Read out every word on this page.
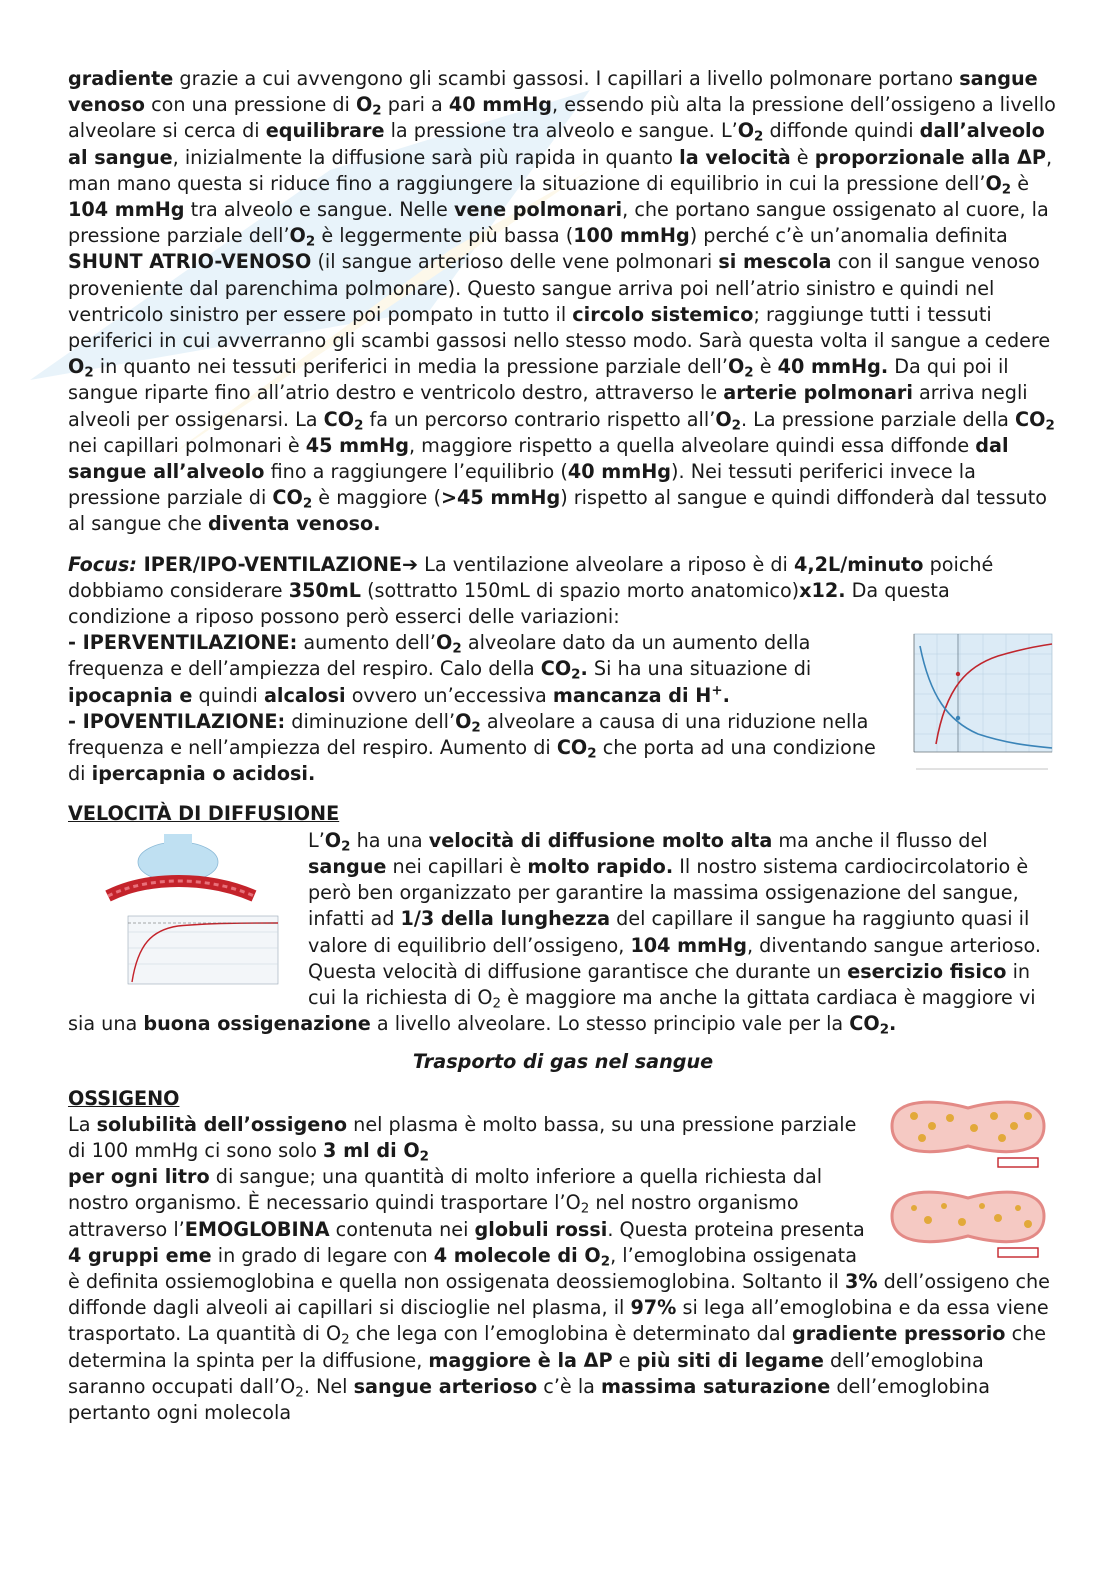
gradiente grazie a cui avvengono gli scambi gassosi. I capillari a livello polmonare portano sangue venoso con una pressione di $O_2$ pari a 40 mmHg, essendo più alta la pressione dell’ossigeno a livello alveolare si cerca di equilibrare la pressione tra alveolo e sangue. $L’O_2$ diffonde quindi dall’alveolo al sangue, inizialmente la diffusione sarà più rapida in quanto la velocità è proporzionale alla ΔP, man mano questa si riduce fino a raggiungere la situazione di equilibrio in cui la pressione $dell’O_2$ è 104 mmHg tra alveolo e sangue. Nelle vene polmonari, che portano sangue ossigenato al cuore, la pressione parziale $dell’O_2$ è leggermente più bassa (100 mmHg) perché c’è un’anomalia definita SHUNT ATRIO-VENOSO (il sangue arterioso delle vene polmonari si mescola con il sangue venoso proveniente dal parenchima polmonare). Questo sangue arriva poi nell’atrio sinistro e quindi nel ventricolo sinistro per essere poi pompato in tutto il circolo sistemico; raggiunge tutti i tessuti periferici in cui avverranno gli scambi gassosi nello stesso modo. Sarà questa volta il sangue a cedere $O_2$ in quanto nei tessuti periferici in media la pressione parziale $dell’O_2$ è 40 mmHg. Da qui poi il sangue riparte fino all’atrio destro e ventricolo destro, attraverso le arterie polmonari arriva negli alveoli per ossigenarsi. La $CO_2$ fa un percorso contrario rispetto $all’O_2$. La pressione parziale della $CO_2$ nei capillari polmonari è 45 mmHg, maggiore rispetto a quella alveolare quindi essa diffonde dal sangue all’alveolo fino a raggiungere l’equilibrio (40 mmHg). Nei tessuti periferici invece la pressione parziale di $CO_2$ è maggiore (>45 mmHg) rispetto al sangue e quindi diffonderà dal tessuto al sangue che diventa venoso.

Focus: IPER/IPO-VENTILAZIONE➔ La ventilazione alveolare a riposo è di 4,2L/minuto poiché dobbiamo considerare 350mL (sottratto 150mL di spazio morto anatomico)x12. Da questa condizione a riposo possono però esserci delle variazioni:

- IPERVENTILAZIONE: aumento $dell’O_2$ alveolare dato da un aumento della frequenza e dell’ampiezza del respiro. Calo della $CO_2$. Si ha una situazione di ipocapnia e quindi alcalosi ovvero un’eccessiva mancanza di H+.

- IPOVENTILAZIONE: diminuzione $dell’O_2$ alveolare a causa di una riduzione nella frequenza e nell’ampiezza del respiro. Aumento di $CO_2$ che porta ad una condizione di ipercapnia o acidosi.

VELOCITÀ DI DIFFUSIONE

$L’O_2$ ha una velocità di diffusione molto alta ma anche il flusso del sangue nei capillari è molto rapido. Il nostro sistema cardiocircolatorio è però ben organizzato per garantire la massima ossigenazione del sangue, infatti ad 1/3 della lunghezza del capillare il sangue ha raggiunto quasi il valore di equilibrio dell’ossigeno, 104 mmHg, diventando sangue arterioso. Questa velocità di diffusione garantisce che durante un esercizio fisico in cui la richiesta di $O_2$ è maggiore ma anche la gittata cardiaca è maggiore vi sia una buona ossigenazione a livello alveolare. Lo stesso principio vale per la $CO_2$.

Trasporto di gas nel sangue

OSSIGENO

La solubilità dell’ossigeno nel plasma è molto bassa, su una pressione parziale di 100 mmHg ci sono solo 3 ml di $O_2$
per ogni litro di sangue; una quantità di molto inferiore a quella richiesta dal nostro organismo. È necessario quindi trasportare $l’O_2$ nel nostro organismo attraverso l’EMOGLOBINA contenuta nei globuli rossi. Questa proteina presenta 4 gruppi eme in grado di legare con 4 molecole di $O_2$, l’emoglobina ossigenata è definita ossiemoglobina e quella non ossigenata deossiemoglobina. Soltanto il 3% dell’ossigeno che diffonde dagli alveoli ai capillari si discioglie nel plasma, il 97% si lega all’emoglobina e da essa viene trasportato. La quantità di $O_2$ che lega con l’emoglobina è determinato dal gradiente pressorio che determina la spinta per la diffusione, maggiore è la ΔP e più siti di legame dell’emoglobina saranno occupati $dall’O_2$. Nel sangue arterioso c’è la massima saturazione dell’emoglobina pertanto ogni molecola
